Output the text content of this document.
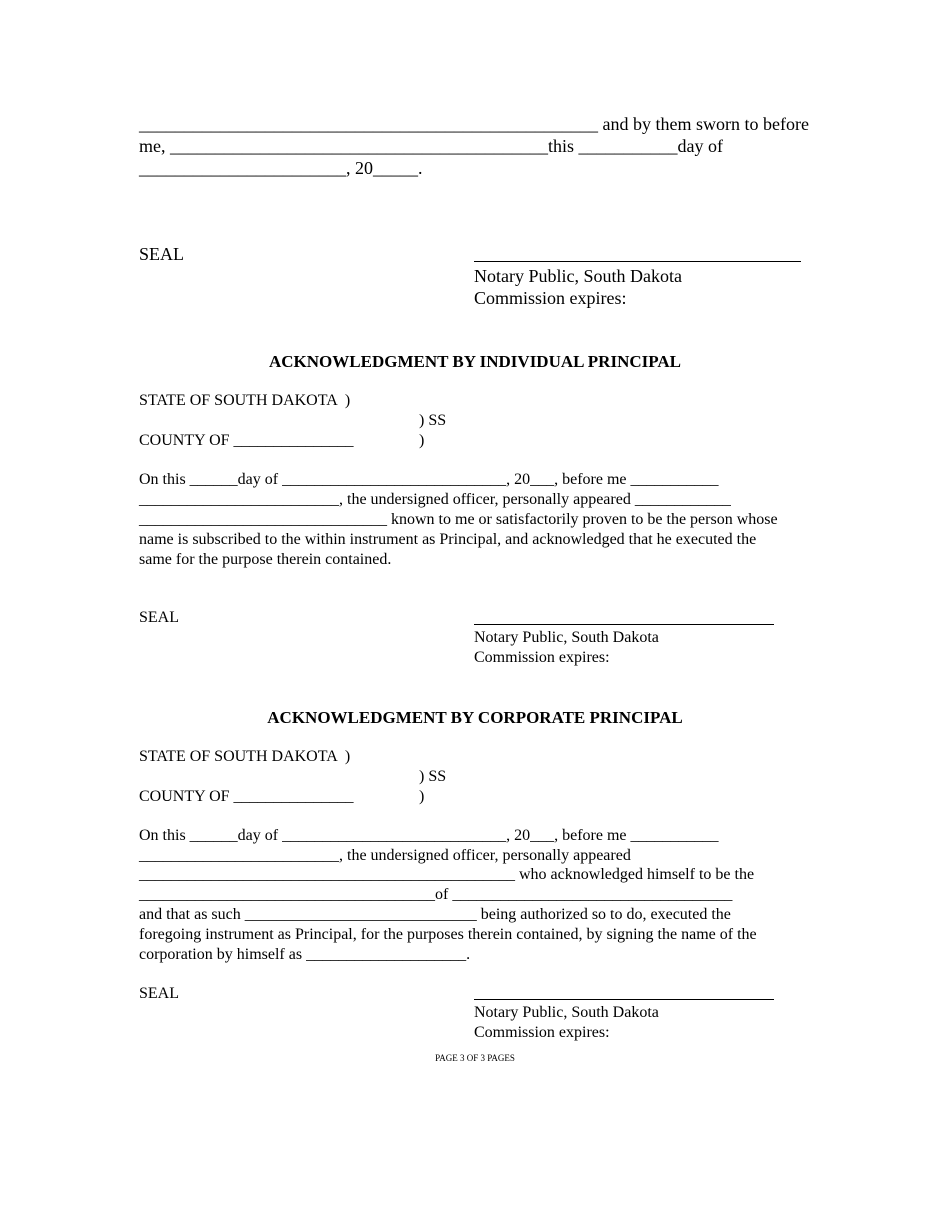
___________________________________________________ and by them sworn to before
me, __________________________________________this ___________day of
_______________________, 20_____.
SEAL
Notary Public, South Dakota
Commission expires:
ACKNOWLEDGMENT BY INDIVIDUAL PRINCIPAL
STATE OF SOUTH DAKOTA  )
) SS
COUNTY OF _______________	)
On this ______day of ____________________________, 20___, before me ___________
_________________________, the undersigned officer, personally appeared ____________
_______________________________ known to me or satisfactorily proven to be the person whose
name is subscribed to the within instrument as Principal, and acknowledged that he executed the
same for the purpose therein contained.
SEAL
Notary Public, South Dakota
Commission expires:
ACKNOWLEDGMENT BY CORPORATE PRINCIPAL
STATE OF SOUTH DAKOTA  )
) SS
COUNTY OF _______________	)
On this ______day of ____________________________, 20___, before me ___________
_________________________, the undersigned officer, personally appeared
_______________________________________________ who acknowledged himself to be the
_____________________________________of ___________________________________
and that as such _____________________________ being authorized so to do, executed the
foregoing instrument as Principal, for the purposes therein contained, by signing the name of the
corporation by himself as ____________________.
SEAL
Notary Public, South Dakota
Commission expires:
PAGE 3 OF 3 PAGES
